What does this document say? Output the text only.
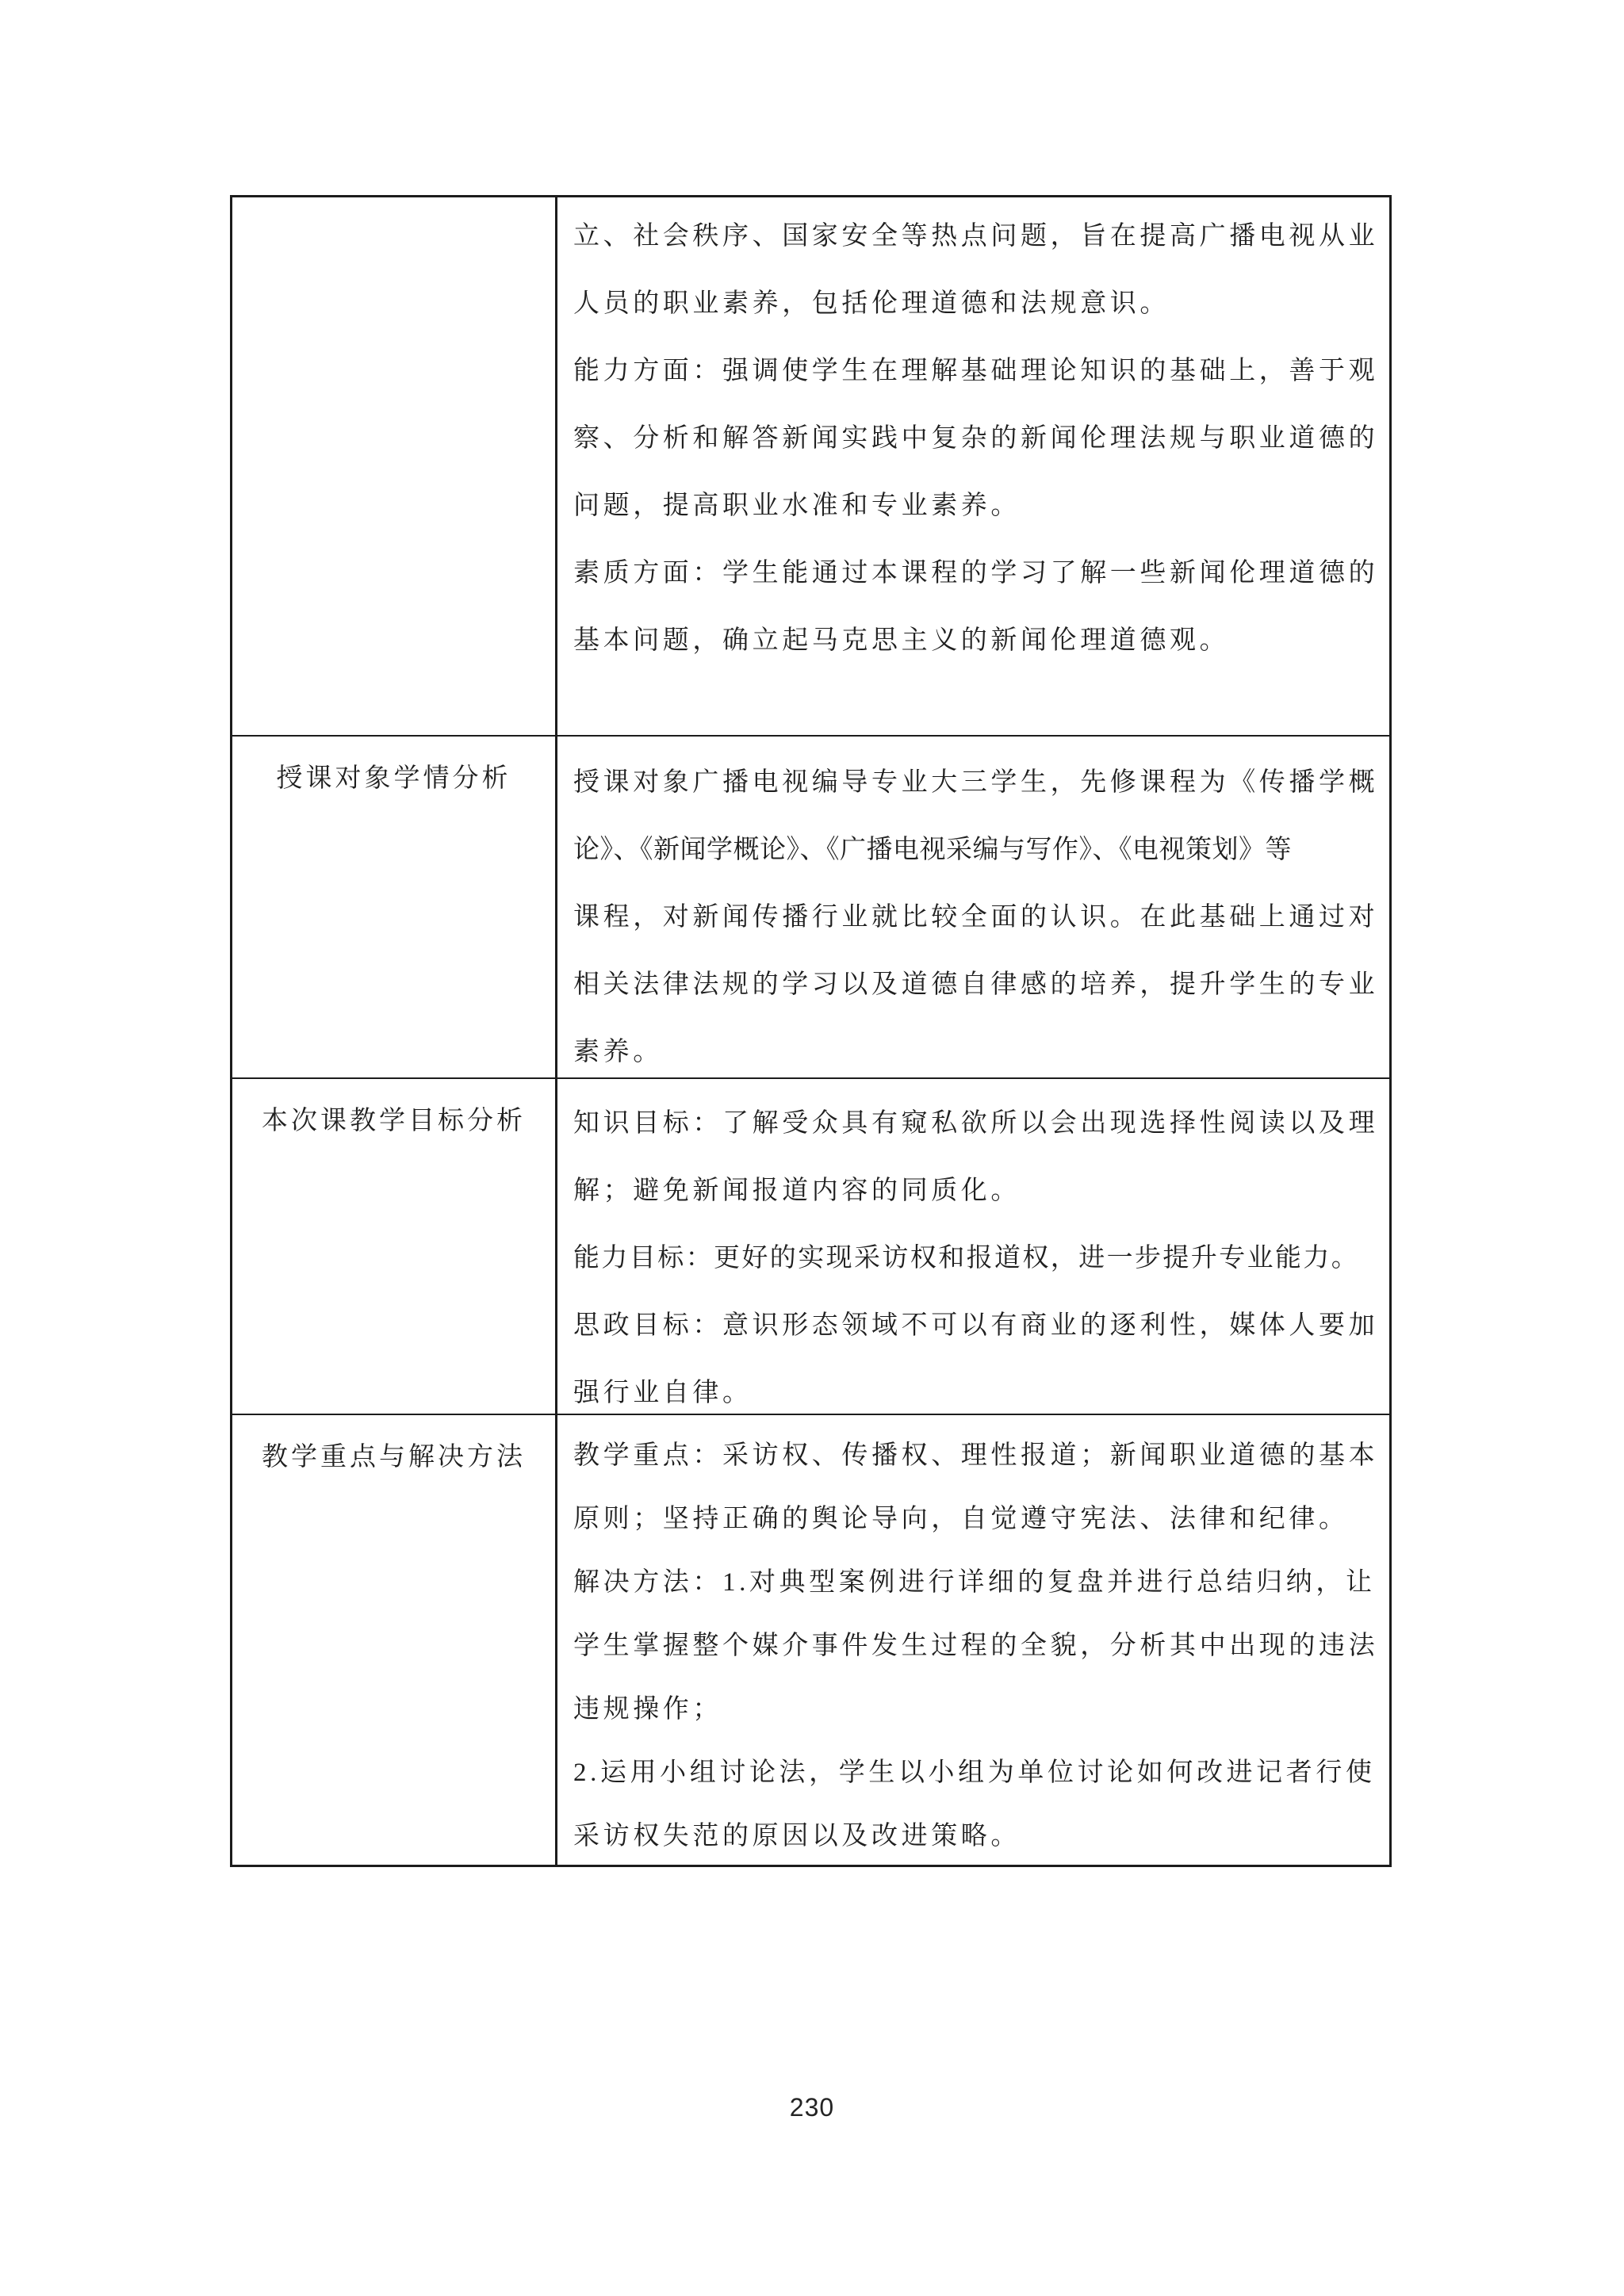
立、社会秩序、国家安全等热点问题，旨在提高广播电视从业
人员的职业素养，包括伦理道德和法规意识。
能力方面：强调使学生在理解基础理论知识的基础上，善于观
察、分析和解答新闻实践中复杂的新闻伦理法规与职业道德的
问题，提高职业水准和专业素养。
素质方面：学生能通过本课程的学习了解一些新闻伦理道德的
基本问题，确立起马克思主义的新闻伦理道德观。
授课对象学情分析	授课对象广播电视编导专业大三学生，先修课程为《传播学概
论》、《新闻学概论》、《广播电视采编与写作》、《电视策划》等
课程，对新闻传播行业就比较全面的认识。在此基础上通过对
相关法律法规的学习以及道德自律感的培养，提升学生的专业
素养。
本次课教学目标分析	知识目标：了解受众具有窥私欲所以会出现选择性阅读以及理
解；避免新闻报道内容的同质化。
能力目标：更好的实现采访权和报道权，进一步提升专业能力。
思政目标：意识形态领域不可以有商业的逐利性，媒体人要加
强行业自律。
教学重点与解决方法	教学重点：采访权、传播权、理性报道；新闻职业道德的基本
原则；坚持正确的舆论导向，自觉遵守宪法、法律和纪律。
解决方法：1.对典型案例进行详细的复盘并进行总结归纳，让
学生掌握整个媒介事件发生过程的全貌，分析其中出现的违法
违规操作；
2.运用小组讨论法，学生以小组为单位讨论如何改进记者行使
采访权失范的原因以及改进策略。
230
